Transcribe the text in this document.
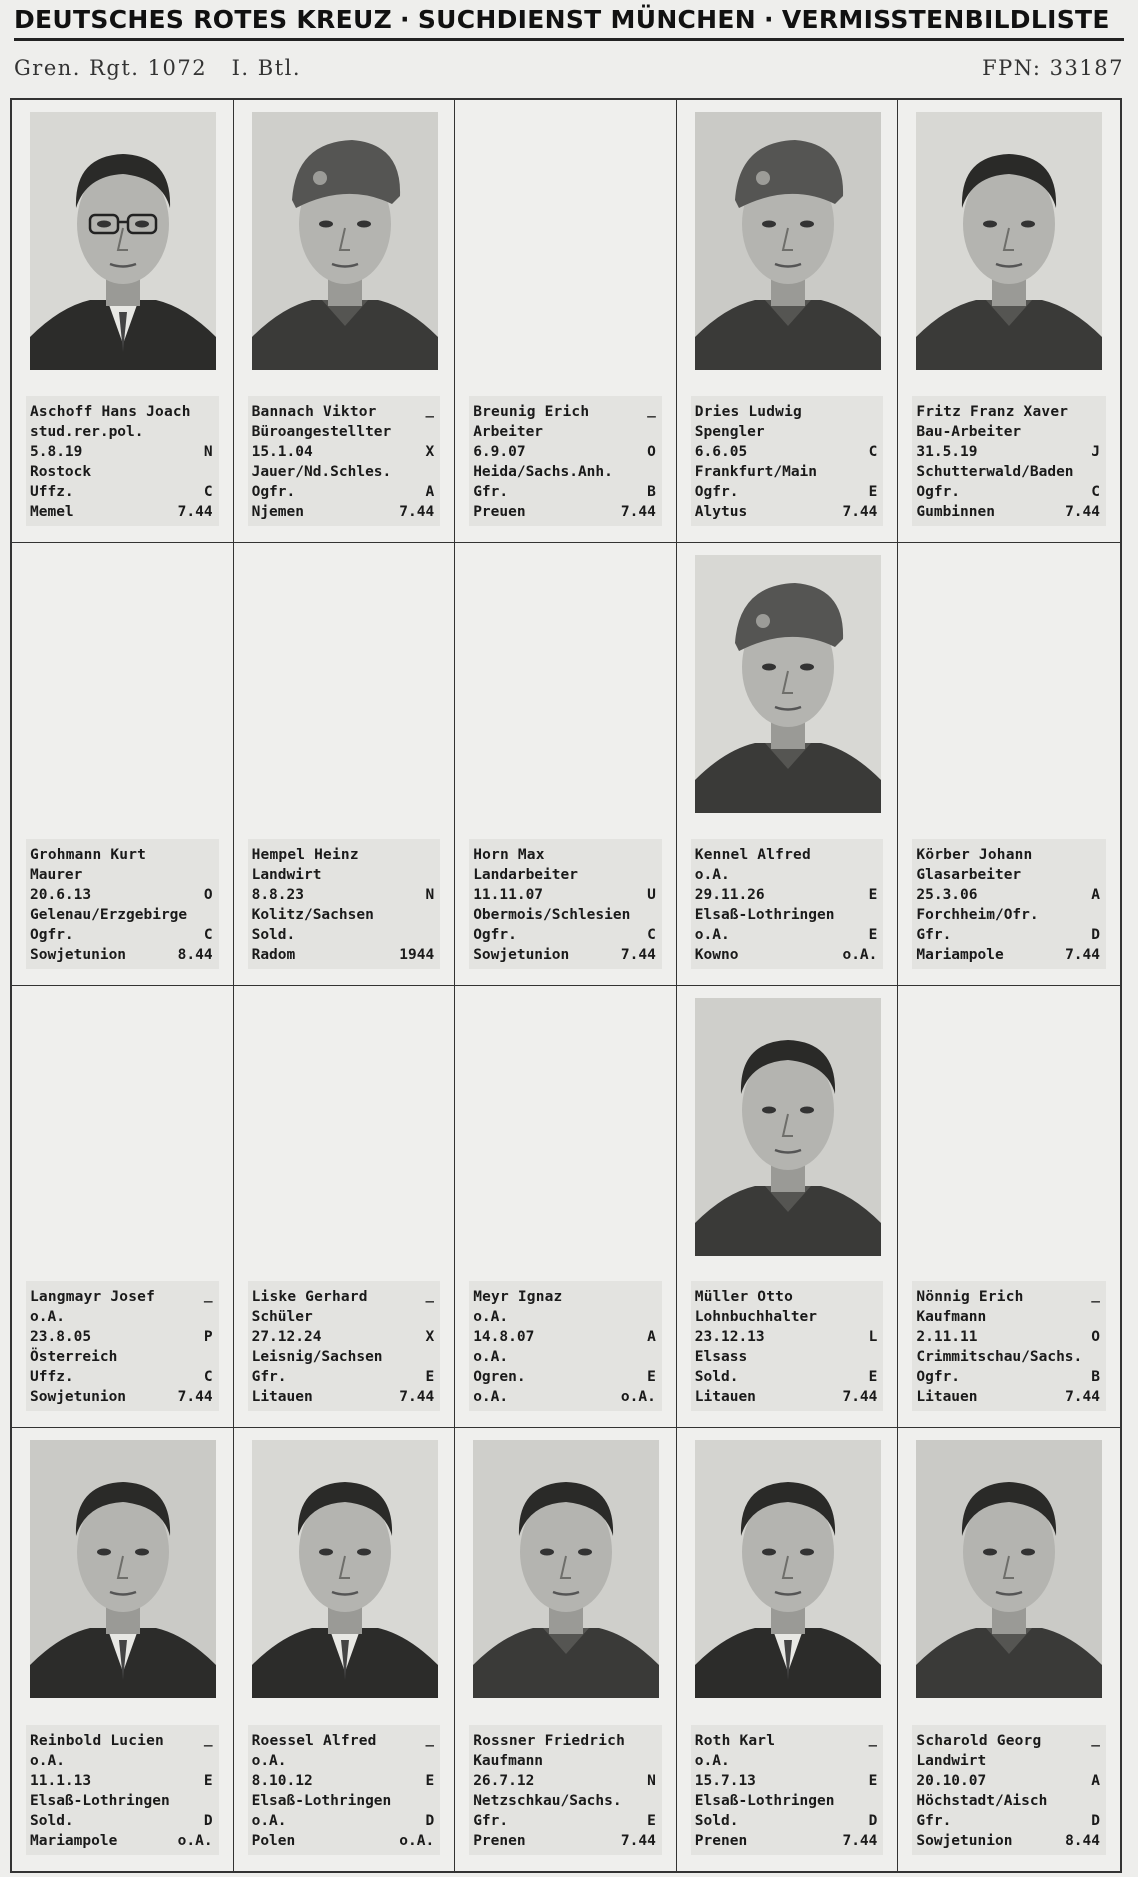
DEUTSCHES ROTES KREUZ · SUCHDIENST MÜNCHEN · VERMISSTENBILDLISTE
Gren. Rgt. 1072   I. Btl.	FPN: 33187
Aschoff Hans Joach
stud.rer.pol.
5.8.19	N
Rostock
Uffz.	C
Memel	7.44
Bannach Viktor	_
Büroangestellter
15.1.04	X
Jauer/Nd.Schles.
Ogfr.	A
Njemen	7.44
Breunig Erich	_
Arbeiter
6.9.07	O
Heida/Sachs.Anh.
Gfr.	B
Preuen	7.44
Dries Ludwig
Spengler
6.6.05	C
Frankfurt/Main
Ogfr.	E
Alytus	7.44
Fritz Franz Xaver
Bau-Arbeiter
31.5.19	J
Schutterwald/Baden
Ogfr.	C
Gumbinnen	7.44
Grohmann Kurt
Maurer
20.6.13	O
Gelenau/Erzgebirge
Ogfr.	C
Sowjetunion	8.44
Hempel Heinz
Landwirt
8.8.23	N
Kolitz/Sachsen
Sold.
Radom	1944
Horn Max
Landarbeiter
11.11.07	U
Obermois/Schlesien
Ogfr.	C
Sowjetunion	7.44
Kennel Alfred
o.A.
29.11.26	E
Elsaß-Lothringen
o.A.	E
Kowno	o.A.
Körber Johann
Glasarbeiter
25.3.06	A
Forchheim/Ofr.
Gfr.	D
Mariampole	7.44
Langmayr Josef	_
o.A.
23.8.05	P
Österreich
Uffz.	C
Sowjetunion	7.44
Liske Gerhard	_
Schüler
27.12.24	X
Leisnig/Sachsen
Gfr.	E
Litauen	7.44
Meyr Ignaz
o.A.
14.8.07	A
o.A.
Ogren.	E
o.A.	o.A.
Müller Otto
Lohnbuchhalter
23.12.13	L
Elsass
Sold.	E
Litauen	7.44
Nönnig Erich	_
Kaufmann
2.11.11	O
Crimmitschau/Sachs.
Ogfr.	B
Litauen	7.44
Reinbold Lucien	_
o.A.
11.1.13	E
Elsaß-Lothringen
Sold.	D
Mariampole	o.A.
Roessel Alfred	_
o.A.
8.10.12	E
Elsaß-Lothringen
o.A.	D
Polen	o.A.
Rossner Friedrich
Kaufmann
26.7.12	N
Netzschkau/Sachs.
Gfr.	E
Prenen	7.44
Roth Karl	_
o.A.
15.7.13	E
Elsaß-Lothringen
Sold.	D
Prenen	7.44
Scharold Georg	_
Landwirt
20.10.07	A
Höchstadt/Aisch
Gfr.	D
Sowjetunion	8.44
